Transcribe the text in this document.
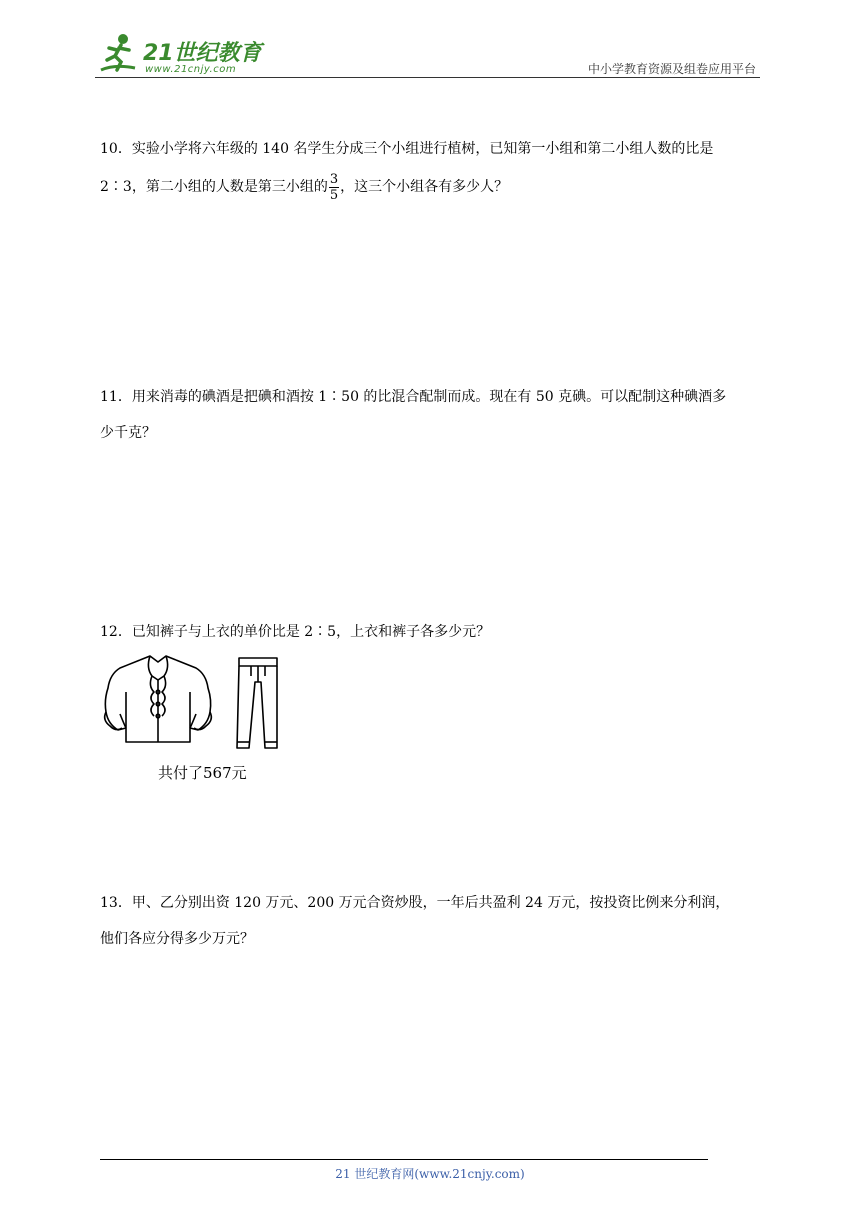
21世纪教育
www.21cnjy.com	中小学教育资源及组卷应用平台
10．实验小学将六年级的 140 名学生分成三个小组进行植树，已知第一小组和第二小组人数的比是
2∶3，第二小组的人数是第三小组的 $\frac{3}{5}$ ，这三个小组各有多少人？
11．用来消毒的碘酒是把碘和酒按 1∶50 的比混合配制而成。现在有 50 克碘。可以配制这种碘酒多
少千克？
12．已知裤子与上衣的单价比是 2∶5，上衣和裤子各多少元？
共付了567元
13．甲、乙分别出资 120 万元、200 万元合资炒股，一年后共盈利 24 万元，按投资比例来分利润，
他们各应分得多少万元？
21 世纪教育网(www.21cnjy.com)
